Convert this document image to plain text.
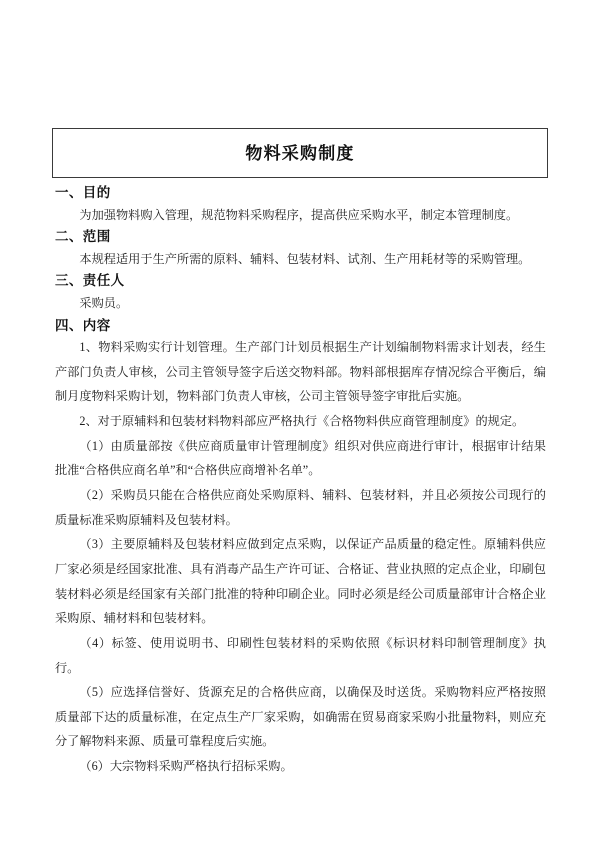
物料采购制度

一、目的

为加强物料购入管理，规范物料采购程序，提高供应采购水平，制定本管理制度。

二、范围

本规程适用于生产所需的原料、辅料、包装材料、试剂、生产用耗材等的采购管理。

三、责任人

采购员。

四、内容

1、物料采购实行计划管理。生产部门计划员根据生产计划编制物料需求计划表，经生产部门负责人审核，公司主管领导签字后送交物料部。物料部根据库存情况综合平衡后，编制月度物料采购计划，物料部门负责人审核，公司主管领导签字审批后实施。

2、对于原辅料和包装材料物料部应严格执行《合格物料供应商管理制度》的规定。

（1）由质量部按《供应商质量审计管理制度》组织对供应商进行审计，根据审计结果批准“合格供应商名单”和“合格供应商增补名单”。

（2）采购员只能在合格供应商处采购原料、辅料、包装材料，并且必须按公司现行的质量标准采购原辅料及包装材料。

（3）主要原辅料及包装材料应做到定点采购，以保证产品质量的稳定性。原辅料供应厂家必须是经国家批准、具有消毒产品生产许可证、合格证、营业执照的定点企业，印刷包装材料必须是经国家有关部门批准的特种印刷企业。同时必须是经公司质量部审计合格企业采购原、辅材料和包装材料。

（4）标签、使用说明书、印刷性包装材料的采购依照《标识材料印制管理制度》执行。

（5）应选择信誉好、货源充足的合格供应商，以确保及时送货。采购物料应严格按照质量部下达的质量标准，在定点生产厂家采购，如确需在贸易商家采购小批量物料，则应充分了解物料来源、质量可靠程度后实施。

（6）大宗物料采购严格执行招标采购。
